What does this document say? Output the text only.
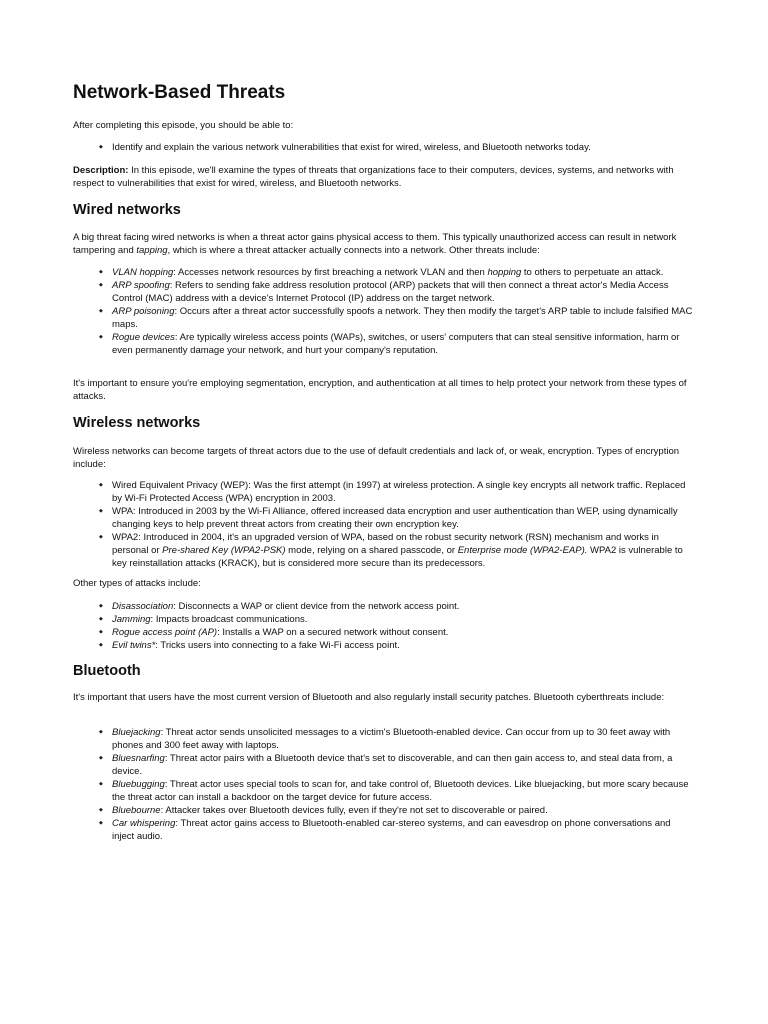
Network-Based Threats

After completing this episode, you should be able to:

◆ Identify and explain the various network vulnerabilities that exist for wired, wireless, and Bluetooth networks today.

Description: In this episode, we'll examine the types of threats that organizations face to their computers, devices, systems, and networks with respect to vulnerabilities that exist for wired, wireless, and Bluetooth networks.

Wired networks

A big threat facing wired networks is when a threat actor gains physical access to them. This typically unauthorized access can result in network tampering and tapping, which is where a threat attacker actually connects into a network. Other threats include:

◆ VLAN hopping: Accesses network resources by first breaching a network VLAN and then hopping to others to perpetuate an attack.
◆ ARP spoofing: Refers to sending fake address resolution protocol (ARP) packets that will then connect a threat actor's Media Access Control (MAC) address with a device's Internet Protocol (IP) address on the target network.
◆ ARP poisoning: Occurs after a threat actor successfully spoofs a network. They then modify the target's ARP table to include falsified MAC maps.
◆ Rogue devices: Are typically wireless access points (WAPs), switches, or users' computers that can steal sensitive information, harm or even permanently damage your network, and hurt your company's reputation.

It's important to ensure you're employing segmentation, encryption, and authentication at all times to help protect your network from these types of attacks.

Wireless networks

Wireless networks can become targets of threat actors due to the use of default credentials and lack of, or weak, encryption. Types of encryption include:

◆ Wired Equivalent Privacy (WEP): Was the first attempt (in 1997) at wireless protection. A single key encrypts all network traffic. Replaced by Wi-Fi Protected Access (WPA) encryption in 2003.
◆ WPA: Introduced in 2003 by the Wi-Fi Alliance, offered increased data encryption and user authentication than WEP, using dynamically changing keys to help prevent threat actors from creating their own encryption key.
◆ WPA2: Introduced in 2004, it's an upgraded version of WPA, based on the robust security network (RSN) mechanism and works in personal or Pre-shared Key (WPA2-PSK) mode, relying on a shared passcode, or Enterprise mode (WPA2-EAP). WPA2 is vulnerable to key reinstallation attacks (KRACK), but is considered more secure than its predecessors.

Other types of attacks include:

◆ Disassociation: Disconnects a WAP or client device from the network access point.
◆ Jamming: Impacts broadcast communications.
◆ Rogue access point (AP): Installs a WAP on a secured network without consent.
◆ Evil twins*: Tricks users into connecting to a fake Wi-Fi access point.
Bluetooth

It's important that users have the most current version of Bluetooth and also regularly install security patches. Bluetooth cyberthreats include:

◆ Bluejacking: Threat actor sends unsolicited messages to a victim's Bluetooth-enabled device. Can occur from up to 30 feet away with phones and 300 feet away with laptops.
◆ Bluesnarfing: Threat actor pairs with a Bluetooth device that's set to discoverable, and can then gain access to, and steal data from, a device.
◆ Bluebugging: Threat actor uses special tools to scan for, and take control of, Bluetooth devices. Like bluejacking, but more scary because the threat actor can install a backdoor on the target device for future access.
◆ Bluebourne: Attacker takes over Bluetooth devices fully, even if they're not set to discoverable or paired.
◆ Car whispering: Threat actor gains access to Bluetooth-enabled car-stereo systems, and can eavesdrop on phone conversations and inject audio.
